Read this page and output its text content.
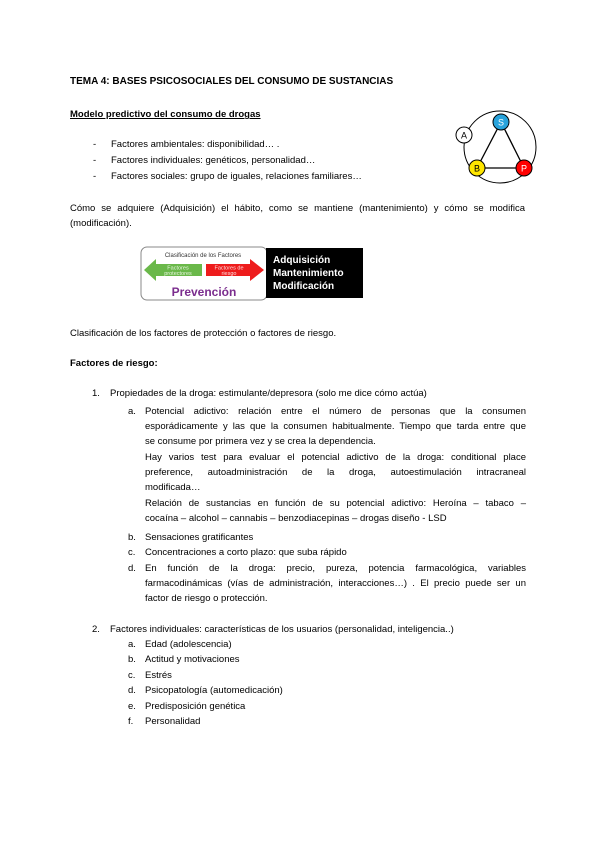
TEMA 4: BASES PSICOSOCIALES DEL CONSUMO DE SUSTANCIAS
Modelo predictivo del consumo de drogas
- Factores ambientales: disponibilidad… .
- Factores individuales: genéticos, personalidad…
- Factores sociales: grupo de iguales, relaciones familiares…
A
S
B	P
Cómo se adquiere (Adquisición) el hábito, como se mantiene (mantenimiento) y cómo se modifica (modificación).
Clasificación de los Factores
Factores
protectores
Factores de
riesgo
Prevención
Adquisición
Mantenimiento
Modificación
Clasificación de los factores de protección o factores de riesgo.
Factores de riesgo:
1. Propiedades de la droga: estimulante/depresora (solo me dice cómo actúa)
a. Potencial adictivo: relación entre el número de personas que la consumen
esporádicamente y las que la consumen habitualmente. Tiempo que tarda entre que
se consume por primera vez y se crea la dependencia.
Hay varios test para evaluar el potencial adictivo de la droga: conditional place
preference, autoadministración de la droga, autoestimulación intracraneal
modificada…
Relación de sustancias en función de su potencial adictivo: Heroína – tabaco –
cocaína – alcohol – cannabis – benzodiacepinas – drogas diseño - LSD
b. Sensaciones gratificantes
c. Concentraciones a corto plazo: que suba rápido
d. En función de la droga: precio, pureza, potencia farmacológica, variables
farmacodinámicas (vías de administración, interacciones…) . El precio puede ser un
factor de riesgo o protección.
2. Factores individuales: características de los usuarios (personalidad, inteligencia..)
a. Edad (adolescencia)
b. Actitud y motivaciones
c. Estrés
d. Psicopatología (automedicación)
e. Predisposición genética
f. Personalidad
